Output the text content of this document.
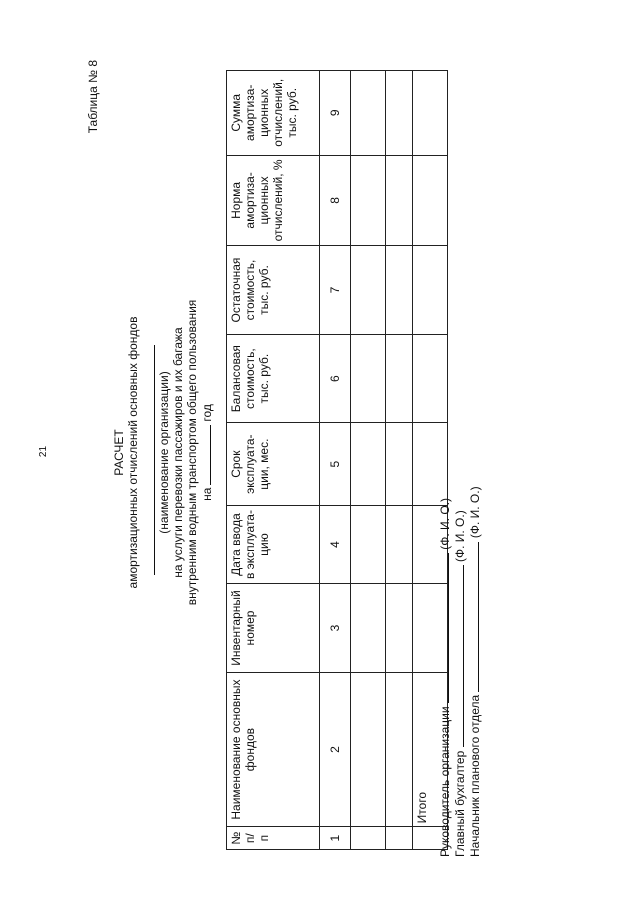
21
Таблица № 8
РАСЧЕТ амортизационных отчислений основных фондов (наименование организации) на услуги перевозки пассажиров и их багажа внутренним водным транспортом общего пользования нагод
№ п/п	Наименование основных фондов	Инвентарный номер	Дата ввода в эксплуата- цию	Срок эксплуата- ции, мес.	Балансовая стоимость, тыс. руб.	Остаточная стоимость, тыс. руб.	Норма амортиза- ционных отчислений, %	Сумма амортиза- ционных отчислений, тыс. руб.
1	2	3	4	5	6	7	8	9

	Итого							Руководитель организации  (Ф. И. О.)
Главный бухгалтер  (Ф. И. О.)
Начальник планового отдела  (Ф. И. О.)
